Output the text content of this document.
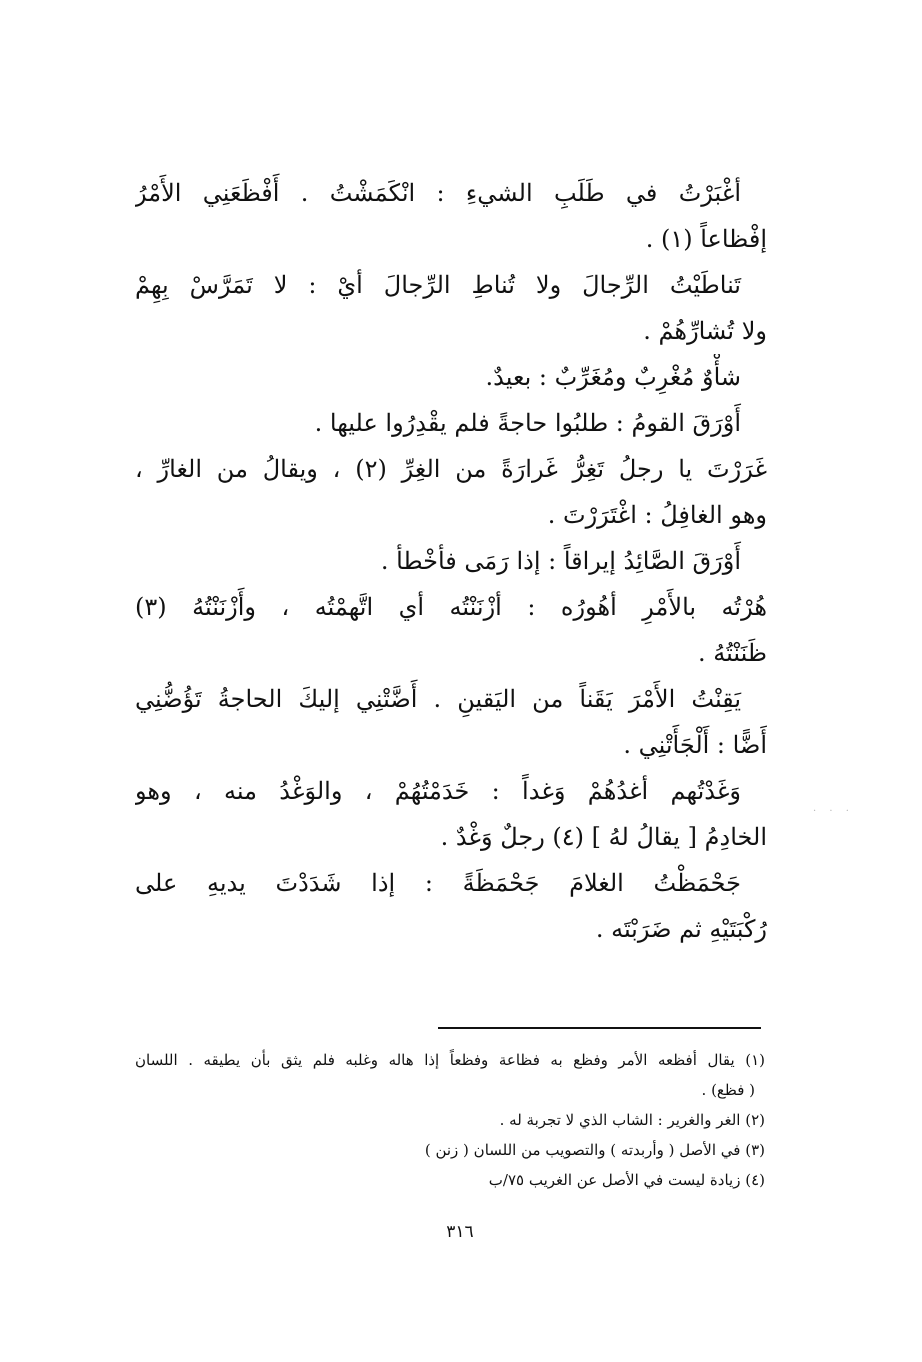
أغْبَرْتُ في طَلَبِ الشيءِ : انْكَمَشْتُ . أَفْظَعَنِي الأَمْرُ
إفْظاعاً (١) .
تَناطَيْتُ الرِّجالَ ولا تُناطِ الرِّجالَ أيْ : لا تَمَرَّسْ بِهِمْ
ولا تُشارِّهُمْ .
شأْوٌ مُغْرِبٌ ومُغَرِّبٌ : بعيدٌ.
أَوْرَقَ القومُ : طلبُوا حاجةً فلم يقْدِرُوا عليها .
غَرَرْتَ يا رجلُ تَغِرُّ غَرارَةً من الغِرِّ (٢) ، ويقالُ من الغارِّ ،
وهو الغافِلُ : اغْتَرَرْتَ .
أَوْرَقَ الصَّائِدُ إيراقاً : إذا رَمَى فأخْطأ .
هُرْتُه بالأَمْرِ أهُورُه : أزْنَنْتُه أي اتَّهمْتُه ، وأَزْنَنْتُهُ (٣)
ظَنَنْتُهُ .
يَقِنْتُ الأَمْرَ يَقَناً من اليَقينِ . أَضَّتْنِي إليكَ الحاجةُ تَؤُضُّنِي
أَضًّا : أَلْجَأَتْنِي .
وَغَدْتُهم أغدُهُمْ وَغداً : خَدَمْتُهُمْ ، والوَغْدُ منه ، وهو
الخادِمُ [ يقالُ لهُ ] (٤) رجلٌ وَغْدٌ .
جَحْمَظْتُ الغلامَ جَحْمَظَةً : إذا شَدَدْتَ يديهِ على
رُكْبَتَيْهِ ثم ضَرَبْتَه .
· · ·
(١) يقال أفظعه الأمر وفظع به فظاعة وفظعاً إذا هاله وغلبه فلم يثق بأن يطيقه . اللسان
( فظع) .
(٢) الغر والغرير : الشاب الذي لا تجربة له .
(٣) في الأصل ( وأربدته ) والتصويب من اللسان ( زنن )
(٤) زيادة ليست في الأصل عن الغريب ٧٥/ب
٣١٦
